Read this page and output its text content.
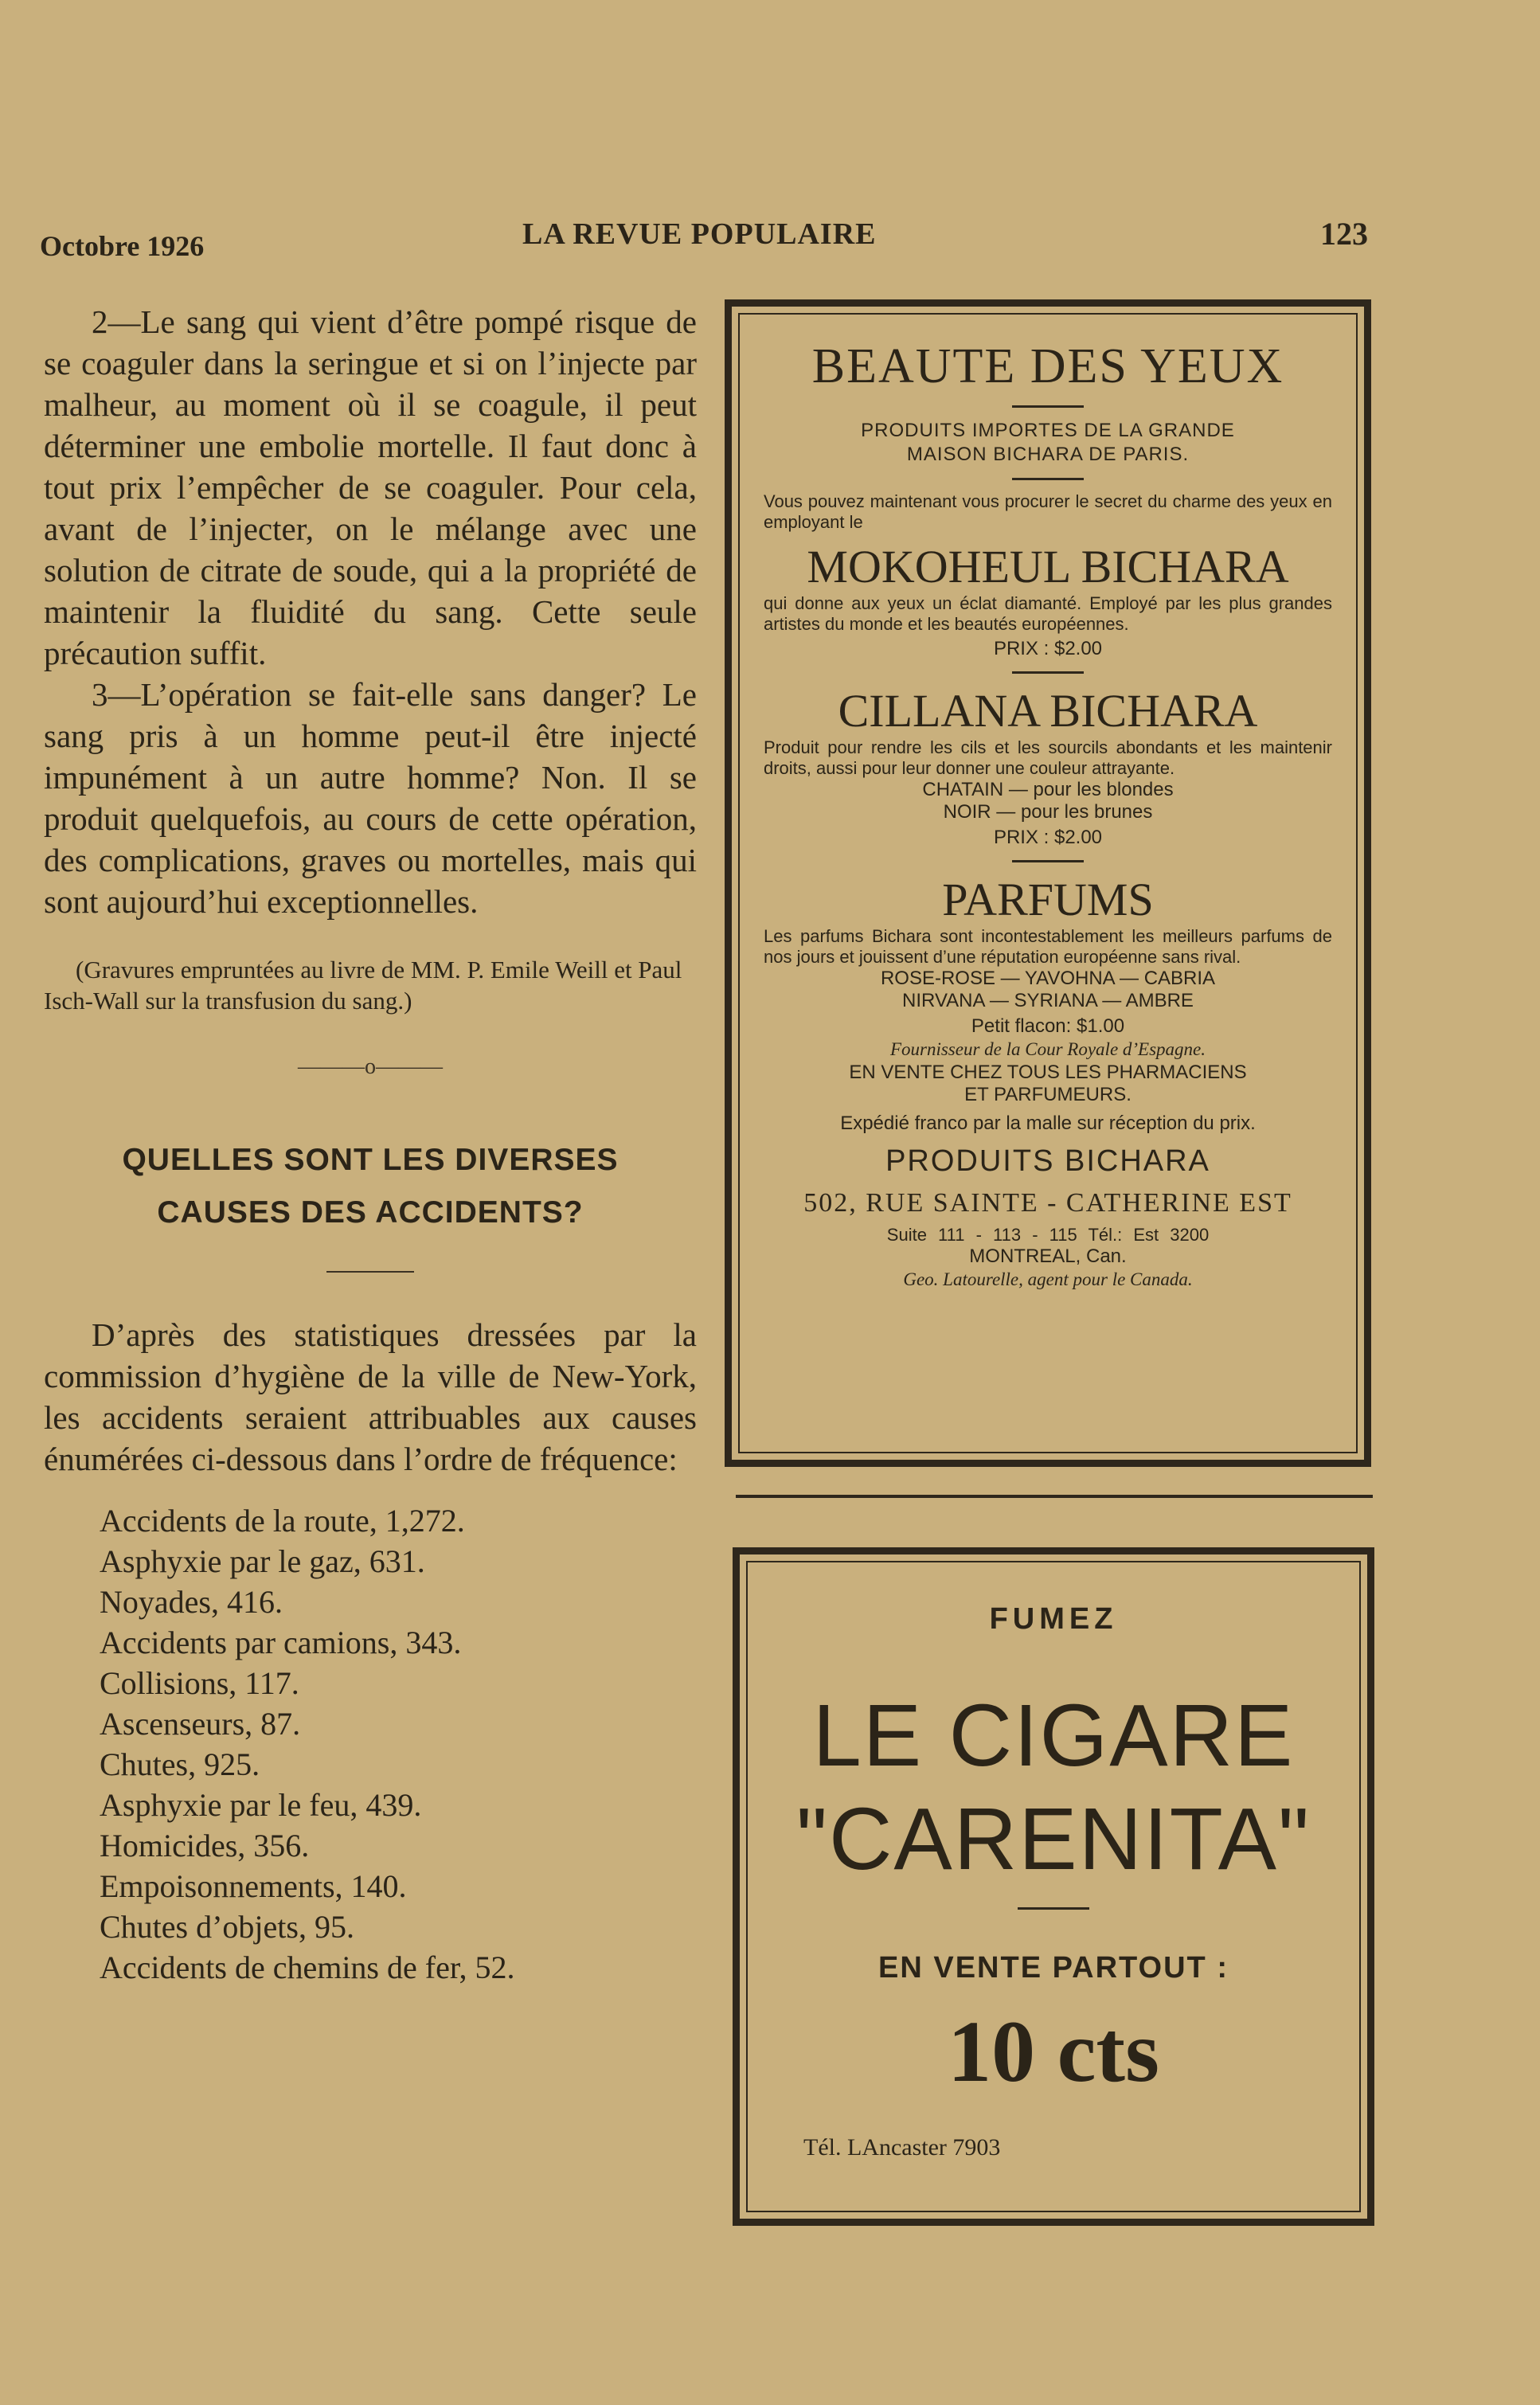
Octobre 1926	LA REVUE POPULAIRE	123

2—Le sang qui vient d’être pompé risque de se coaguler dans la seringue et si on l’injecte par malheur, au moment où il se coagule, il peut déterminer une embolie mortelle. Il faut donc à tout prix l’empêcher de se coaguler. Pour cela, avant de l’injecter, on le mélange avec une solution de citrate de soude, qui a la propriété de maintenir la fluidité du sang. Cette seule précaution suffit.

3—L’opération se fait-elle sans danger? Le sang pris à un homme peut-il être injecté impunément à un autre homme? Non. Il se produit quelquefois, au cours de cette opération, des complications, graves ou mortelles, mais qui sont aujourd’hui exceptionnelles.

(Gravures empruntées au livre de MM. P. Emile Weill et Paul Isch-Wall sur la transfusion du sang.)

———o———
QUELLES SONT LES DIVERSES
CAUSES DES ACCIDENTS?

D’après des statistiques dressées par la commission d’hygiène de la ville de New-York, les accidents seraient attribuables aux causes énumérées ci-dessous dans l’ordre de fréquence:

Accidents de la route, 1,272.
Asphyxie par le gaz, 631.
Noyades, 416.
Accidents par camions, 343.
Collisions, 117.
Ascenseurs, 87.
Chutes, 925.
Asphyxie par le feu, 439.
Homicides, 356.
Empoisonnements, 140.
Chutes d’objets, 95.
Accidents de chemins de fer, 52.
BEAUTE DES YEUX
PRODUITS IMPORTES DE LA GRANDE
MAISON BICHARA DE PARIS.

Vous pouvez maintenant vous procurer le secret du charme des yeux en employant le

MOKOHEUL BICHARA

qui donne aux yeux un éclat diamanté. Employé par les plus grandes artistes du monde et les beautés européennes.

PRIX : $2.00
CILLANA BICHARA

Produit pour rendre les cils et les sourcils abondants et les maintenir droits, aussi pour leur donner une couleur attrayante.

CHATAIN — pour les blondes
NOIR — pour les brunes
PRIX : $2.00
PARFUMS

Les parfums Bichara sont incontestablement les meilleurs parfums de nos jours et jouissent d’une réputation européenne sans rival.

ROSE-ROSE — YAVOHNA — CABRIA
NIRVANA — SYRIANA — AMBRE
Petit flacon: $1.00
Fournisseur de la Cour Royale d’Espagne.
EN VENTE CHEZ TOUS LES PHARMACIENS
ET PARFUMEURS.
Expédié franco par la malle sur réception du prix.
PRODUITS BICHARA
502, RUE SAINTE - CATHERINE EST
Suite 111 - 113 - 115 Tél.: Est 3200
MONTREAL, Can.
Geo. Latourelle, agent pour le Canada.
FUMEZ
LE CIGARE
"CARENITA"
EN VENTE PARTOUT :
10 cts
Tél. LAncaster 7903
